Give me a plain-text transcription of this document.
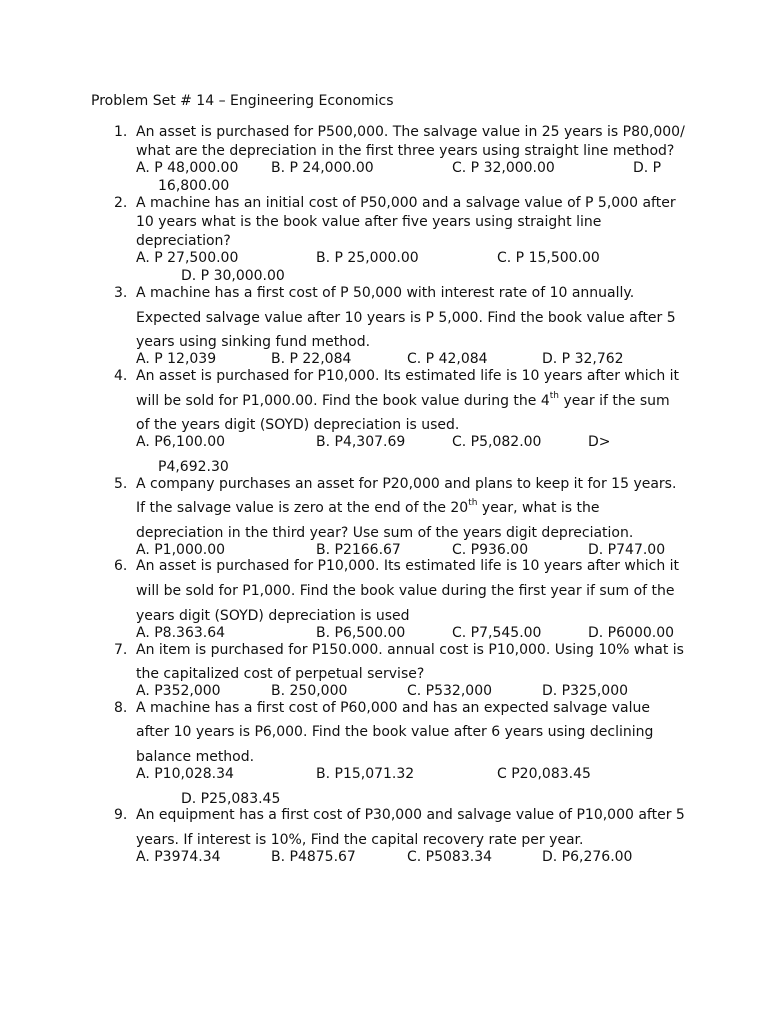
Problem Set # 14 – Engineering Economics
1. An asset is purchased for P500,000. The salvage value in 25 years is P80,000/
what are the depreciation in the first three years using straight line method?
A. P 48,000.00 B. P 24,000.00	C. P 32,000.00	D. P
16,800.00
2. A machine has an initial cost of P50,000 and a salvage value of P 5,000 after
10 years what is the book value after five years using straight line
depreciation?
A. P 27,500.00	B. P 25,000.00	C. P 15,500.00
D. P 30,000.00
3. A machine has a first cost of P 50,000 with interest rate of 10 annually.
Expected salvage value after 10 years is P 5,000. Find the book value after 5
years using sinking fund method.
A. P 12,039	B. P 22,084	C. P 42,084	D. P 32,762
4. An asset is purchased for P10,000. Its estimated life is 10 years after which it
will be sold for P1,000.00. Find the book value during the 4th year if the sum
of the years digit (SOYD) depreciation is used.
A. P6,100.00	B. P4,307.69	C. P5,082.00	D>
P4,692.30
5. A company purchases an asset for P20,000 and plans to keep it for 15 years.
If the salvage value is zero at the end of the 20th year, what is the
depreciation in the third year? Use sum of the years digit depreciation.
A. P1,000.00	B. P2166.67	C. P936.00	D. P747.00
6. An asset is purchased for P10,000. Its estimated life is 10 years after which it
will be sold for P1,000. Find the book value during the first year if sum of the
years digit (SOYD) depreciation is used
A. P8.363.64	B. P6,500.00	C. P7,545.00	D. P6000.00
7. An item is purchased for P150.000. annual cost is P10,000. Using 10% what is
the capitalized cost of perpetual servise?
A. P352,000	B. 250,000	C. P532,000	D. P325,000
8. A machine has a first cost of P60,000 and has an expected salvage value
after 10 years is P6,000. Find the book value after 6 years using declining
balance method.
A. P10,028.34	B. P15,071.32	C P20,083.45
D. P25,083.45
9. An equipment has a first cost of P30,000 and salvage value of P10,000 after 5
years. If interest is 10%, Find the capital recovery rate per year.
A. P3974.34	B. P4875.67	C. P5083.34	D. P6,276.00
